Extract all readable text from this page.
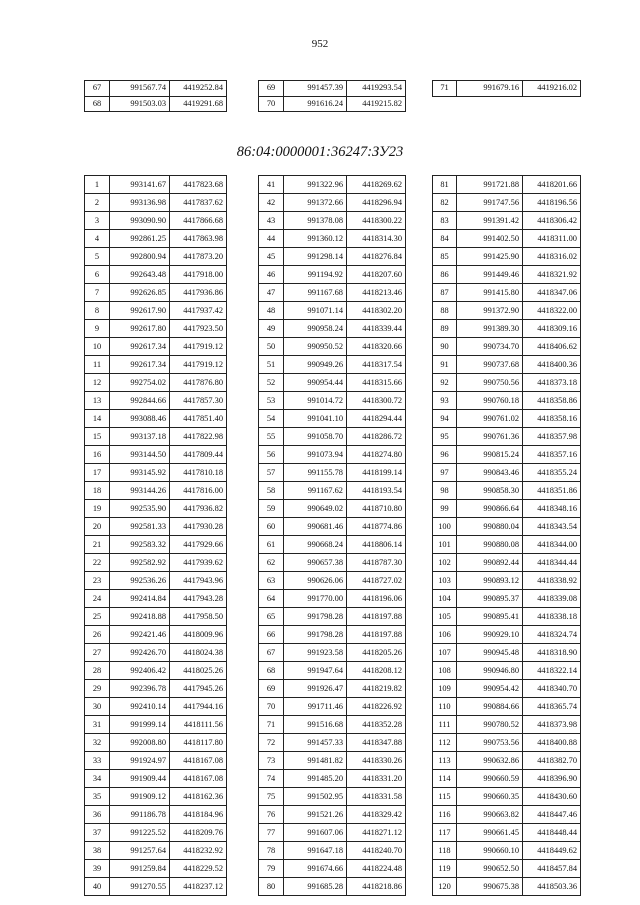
952
67	991567.74	4419252.84
68	991503.03	4419291.68
69	991457.39	4419293.54
70	991616.24	4419215.82
71	991679.16	4419216.02
86:04:0000001:36247:ЗУ23
1	993141.67	4417823.68
2	993136.98	4417837.62
3	993090.90	4417866.68
4	992861.25	4417863.98
5	992800.94	4417873.20
6	992643.48	4417918.00
7	992626.85	4417936.86
8	992617.90	4417937.42
9	992617.80	4417923.50
10	992617.34	4417919.12
11	992617.34	4417919.12
12	992754.02	4417876.80
13	992844.66	4417857.30
14	993088.46	4417851.40
15	993137.18	4417822.98
16	993144.50	4417809.44
17	993145.92	4417810.18
18	993144.26	4417816.00
19	992535.90	4417936.82
20	992581.33	4417930.28
21	992583.32	4417929.66
22	992582.92	4417939.62
23	992536.26	4417943.96
24	992414.84	4417943.28
25	992418.88	4417958.50
26	992421.46	4418009.96
27	992426.70	4418024.38
28	992406.42	4418025.26
29	992396.78	4417945.26
30	992410.14	4417944.16
31	991999.14	4418111.56
32	992008.80	4418117.80
33	991924.97	4418167.08
34	991909.44	4418167.08
35	991909.12	4418162.36
36	991186.78	4418184.96
37	991225.52	4418209.76
38	991257.64	4418232.92
39	991259.84	4418229.52
40	991270.55	4418237.12
41	991322.96	4418269.62
42	991372.66	4418296.94
43	991378.08	4418300.22
44	991360.12	4418314.30
45	991298.14	4418276.84
46	991194.92	4418207.60
47	991167.68	4418213.46
48	991071.14	4418302.20
49	990958.24	4418339.44
50	990950.52	4418320.66
51	990949.26	4418317.54
52	990954.44	4418315.66
53	991014.72	4418300.72
54	991041.10	4418294.44
55	991058.70	4418286.72
56	991073.94	4418274.80
57	991155.78	4418199.14
58	991167.62	4418193.54
59	990649.02	4418710.80
60	990681.46	4418774.86
61	990668.24	4418806.14
62	990657.38	4418787.30
63	990626.06	4418727.02
64	991770.00	4418196.06
65	991798.28	4418197.88
66	991798.28	4418197.88
67	991923.58	4418205.26
68	991947.64	4418208.12
69	991926.47	4418219.82
70	991711.46	4418226.92
71	991516.68	4418352.28
72	991457.33	4418347.88
73	991481.82	4418330.26
74	991485.20	4418331.20
75	991502.95	4418331.58
76	991521.26	4418329.42
77	991607.06	4418271.12
78	991647.18	4418240.70
79	991674.66	4418224.48
80	991685.28	4418218.86
81	991721.88	4418201.66
82	991747.56	4418196.56
83	991391.42	4418306.42
84	991402.50	4418311.00
85	991425.90	4418316.02
86	991449.46	4418321.92
87	991415.80	4418347.06
88	991372.90	4418322.00
89	991389.30	4418309.16
90	990734.70	4418406.62
91	990737.68	4418400.36
92	990750.56	4418373.18
93	990760.18	4418358.86
94	990761.02	4418358.16
95	990761.36	4418357.98
96	990815.24	4418357.16
97	990843.46	4418355.24
98	990858.30	4418351.86
99	990866.64	4418348.16
100	990880.04	4418343.54
101	990880.08	4418344.00
102	990892.44	4418344.44
103	990893.12	4418338.92
104	990895.37	4418339.08
105	990895.41	4418338.18
106	990929.10	4418324.74
107	990945.48	4418318.90
108	990946.80	4418322.14
109	990954.42	4418340.70
110	990884.66	4418365.74
111	990780.52	4418373.98
112	990753.56	4418400.88
113	990632.86	4418382.70
114	990660.59	4418396.90
115	990660.35	4418430.60
116	990663.82	4418447.46
117	990661.45	4418448.44
118	990660.10	4418449.62
119	990652.50	4418457.84
120	990675.38	4418503.36
